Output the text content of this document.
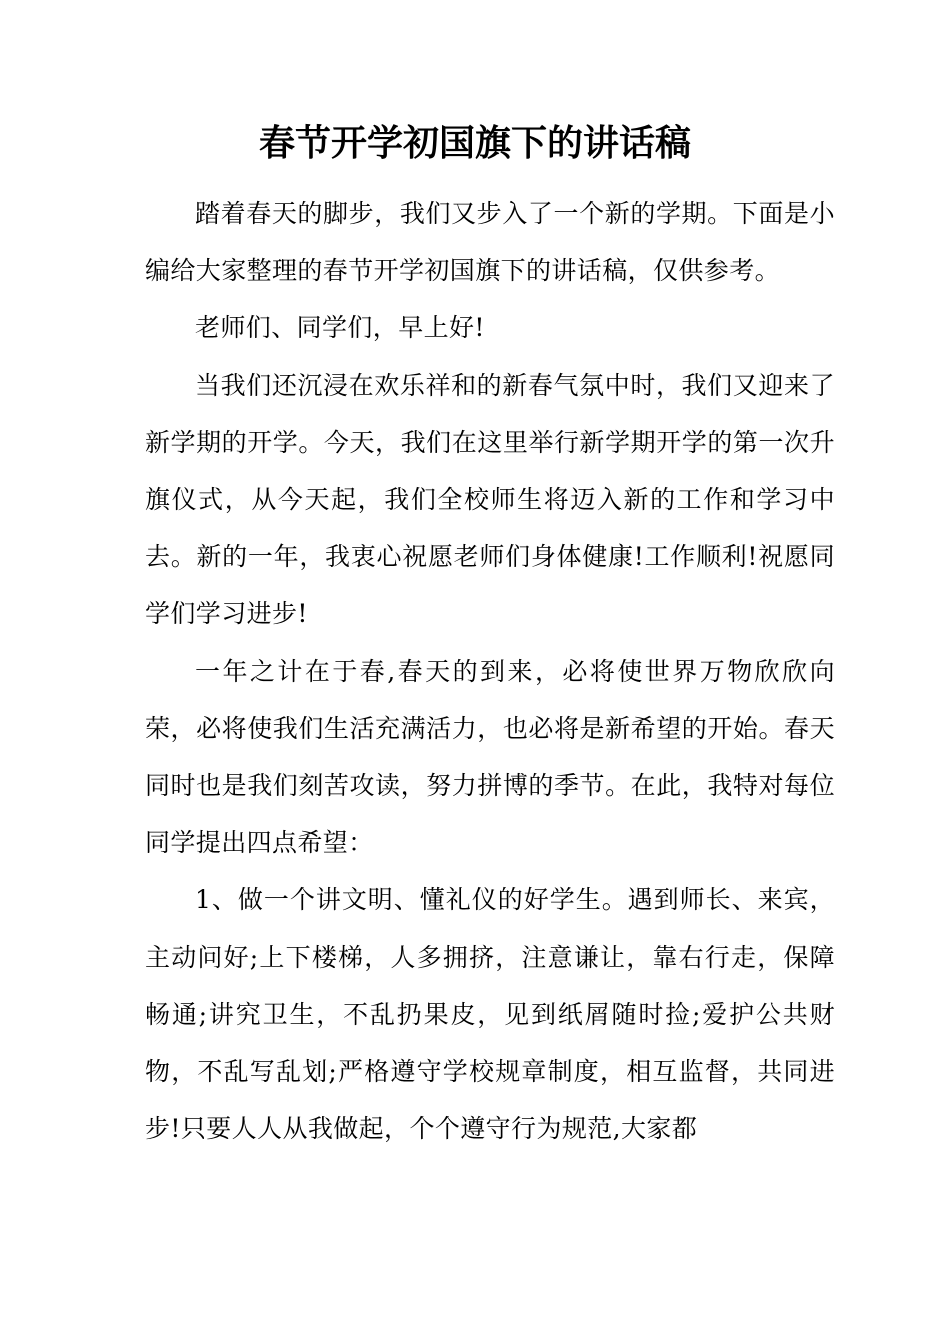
春节开学初国旗下的讲话稿

踏着春天的脚步，我们又步入了一个新的学期。下面是小编给大家整理的春节开学初国旗下的讲话稿，仅供参考。

老师们、同学们，早上好!

当我们还沉浸在欢乐祥和的新春气氛中时，我们又迎来了新学期的开学。今天，我们在这里举行新学期开学的第一次升旗仪式，从今天起，我们全校师生将迈入新的工作和学习中去。新的一年，我衷心祝愿老师们身体健康!工作顺利!祝愿同学们学习进步!

一年之计在于春,春天的到来，必将使世界万物欣欣向荣，必将使我们生活充满活力，也必将是新希望的开始。春天同时也是我们刻苦攻读，努力拼博的季节。在此，我特对每位同学提出四点希望：

1、做一个讲文明、懂礼仪的好学生。遇到师长、来宾，主动问好;上下楼梯，人多拥挤，注意谦让，靠右行走，保障畅通;讲究卫生，不乱扔果皮，见到纸屑随时捡;爱护公共财物，不乱写乱划;严格遵守学校规章制度，相互监督，共同进步!只要人人从我做起，个个遵守行为规范,大家都
